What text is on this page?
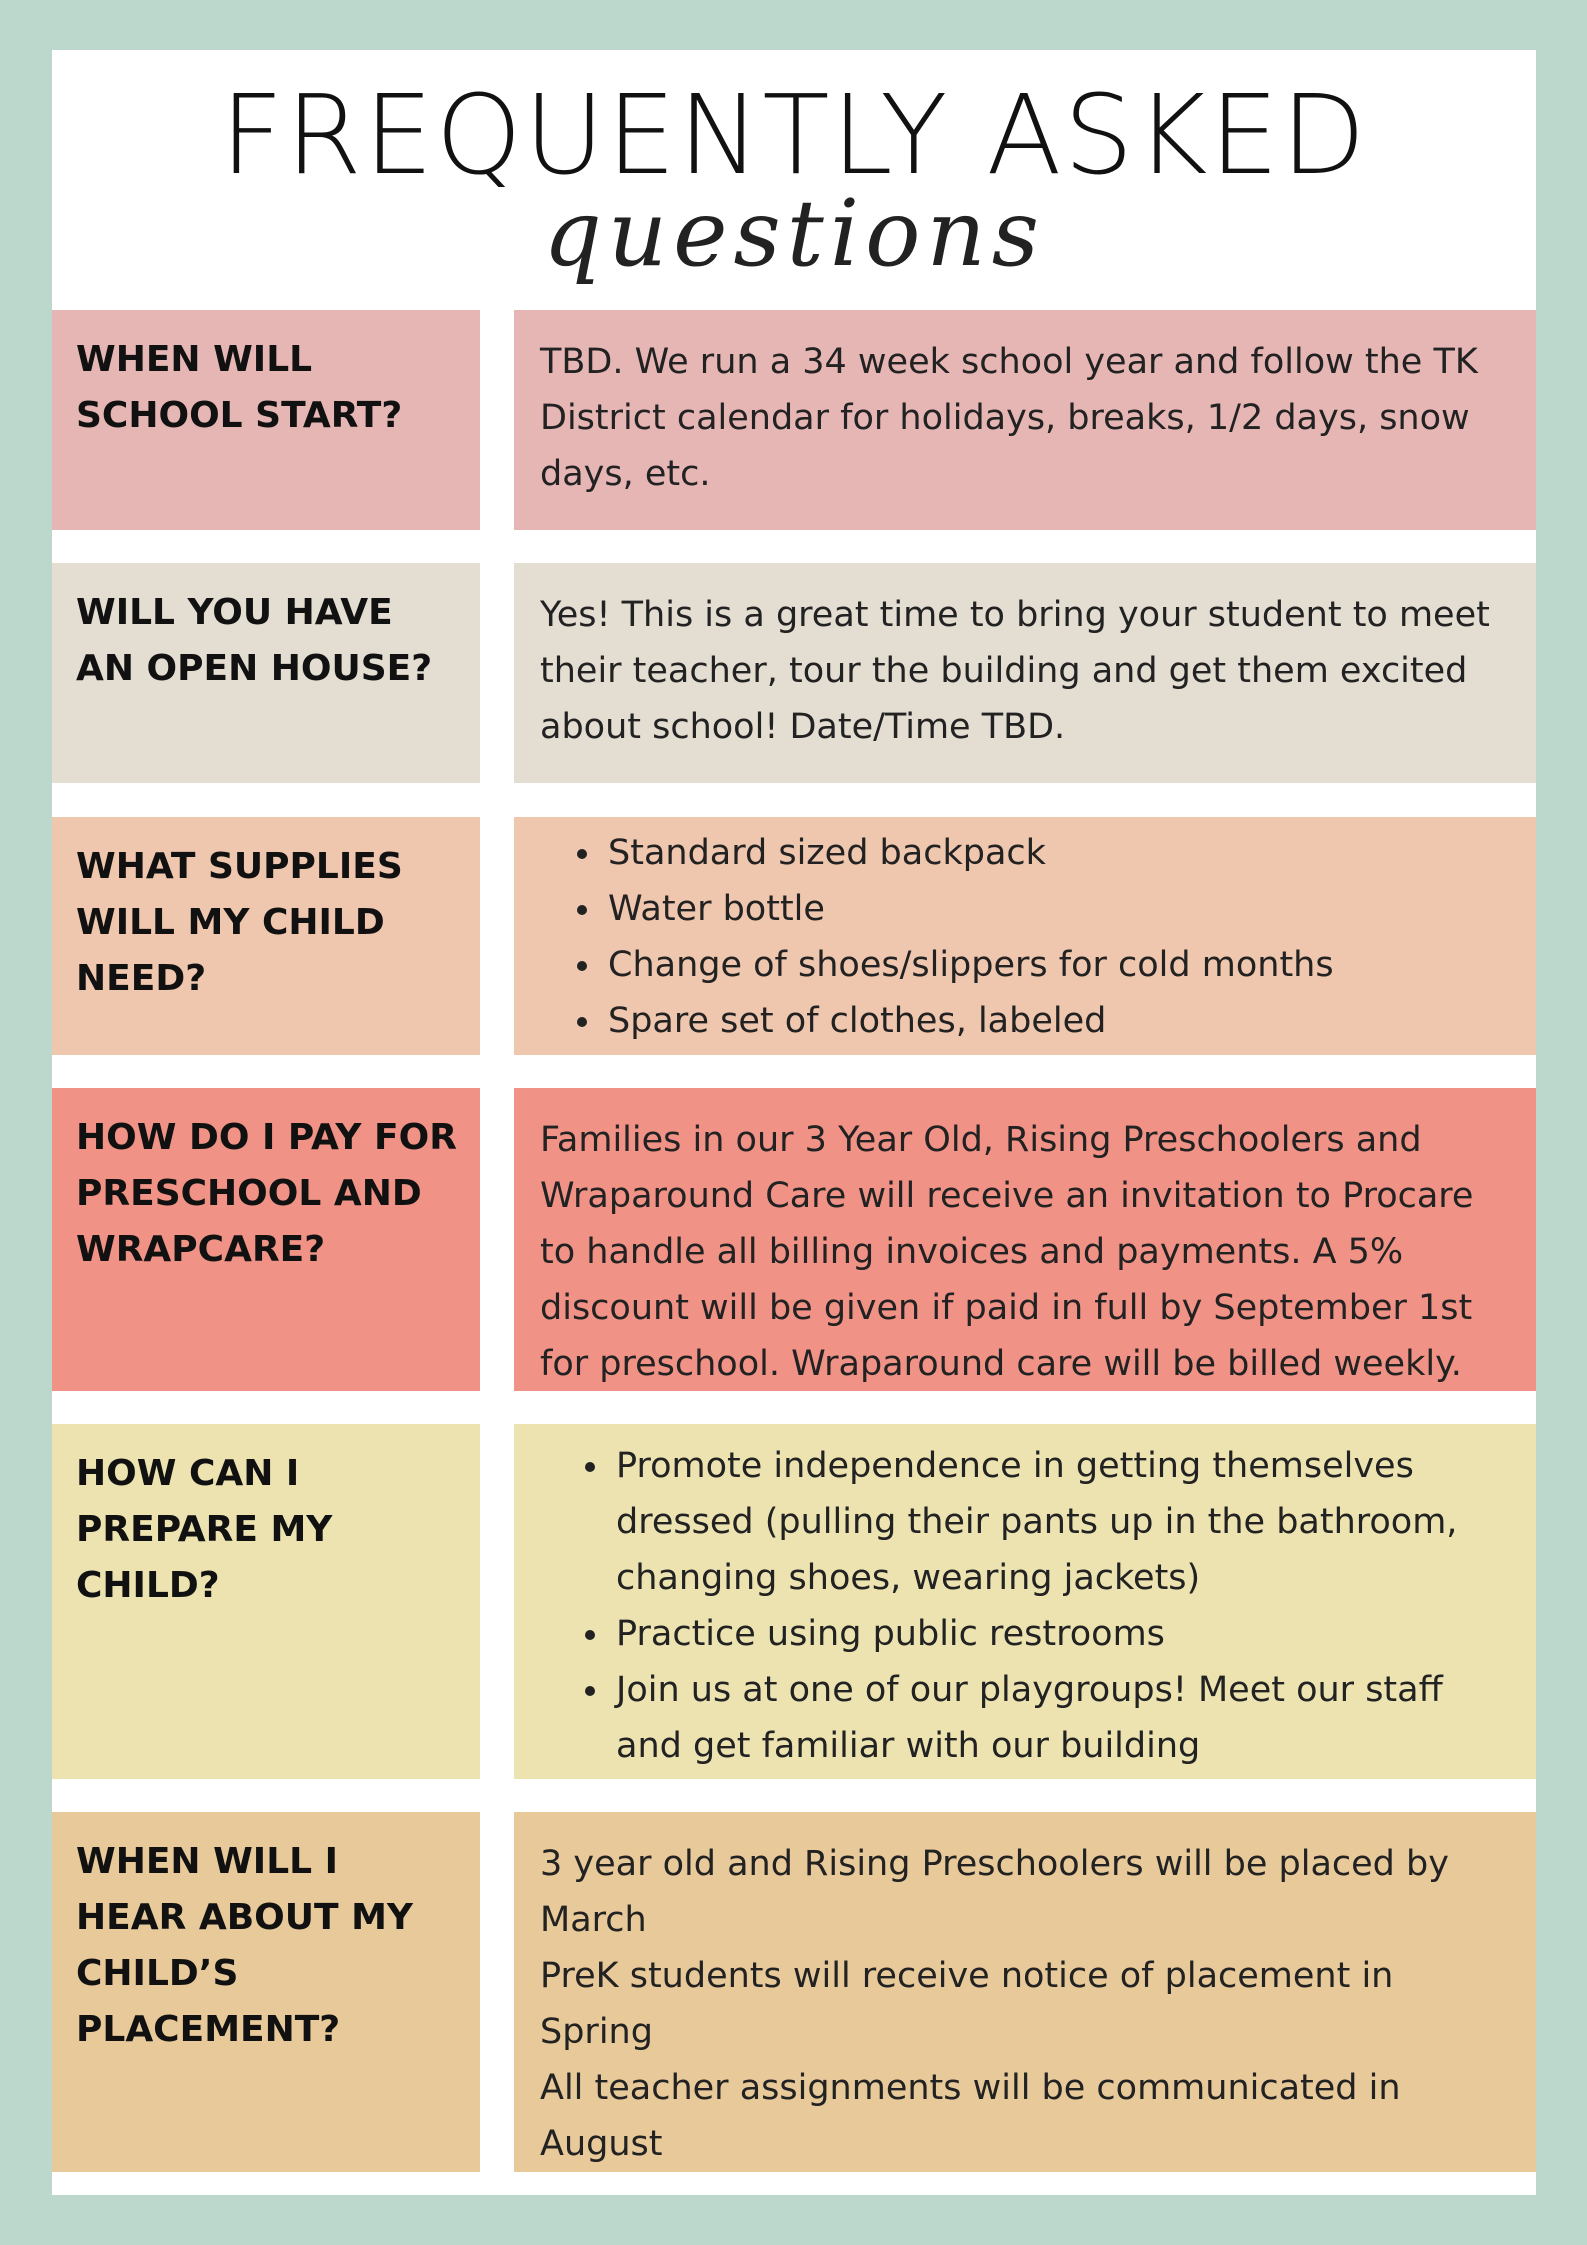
FREQUENTLY ASKED
questions
WHEN WILL SCHOOL START?

TBD. We run a 34 week school year and follow the TK District calendar for holidays, breaks, 1/2 days, snow days, etc.

WILL YOU HAVE AN OPEN HOUSE?

Yes! This is a great time to bring your student to meet their teacher, tour the building and get them excited about school! Date/Time TBD.

WHAT SUPPLIES WILL MY CHILD NEED?
• Standard sized backpack
• Water bottle
• Change of shoes/slippers for cold months
• Spare set of clothes, labeled
HOW DO I PAY FOR PRESCHOOL AND WRAPCARE?

Families in our 3 Year Old, Rising Preschoolers and Wraparound Care will receive an invitation to Procare to handle all billing invoices and payments. A 5% discount will be given if paid in full by September 1st for preschool. Wraparound care will be billed weekly.

HOW CAN I PREPARE MY CHILD?
• Promote independence in getting themselves dressed (pulling their pants up in the bathroom, changing shoes, wearing jackets)
• Practice using public restrooms
• Join us at one of our playgroups! Meet our staff and get familiar with our building
WHEN WILL I HEAR ABOUT MY CHILD’S PLACEMENT?

3 year old and Rising Preschoolers will be placed by March

PreK students will receive notice of placement in Spring

All teacher assignments will be communicated in August
